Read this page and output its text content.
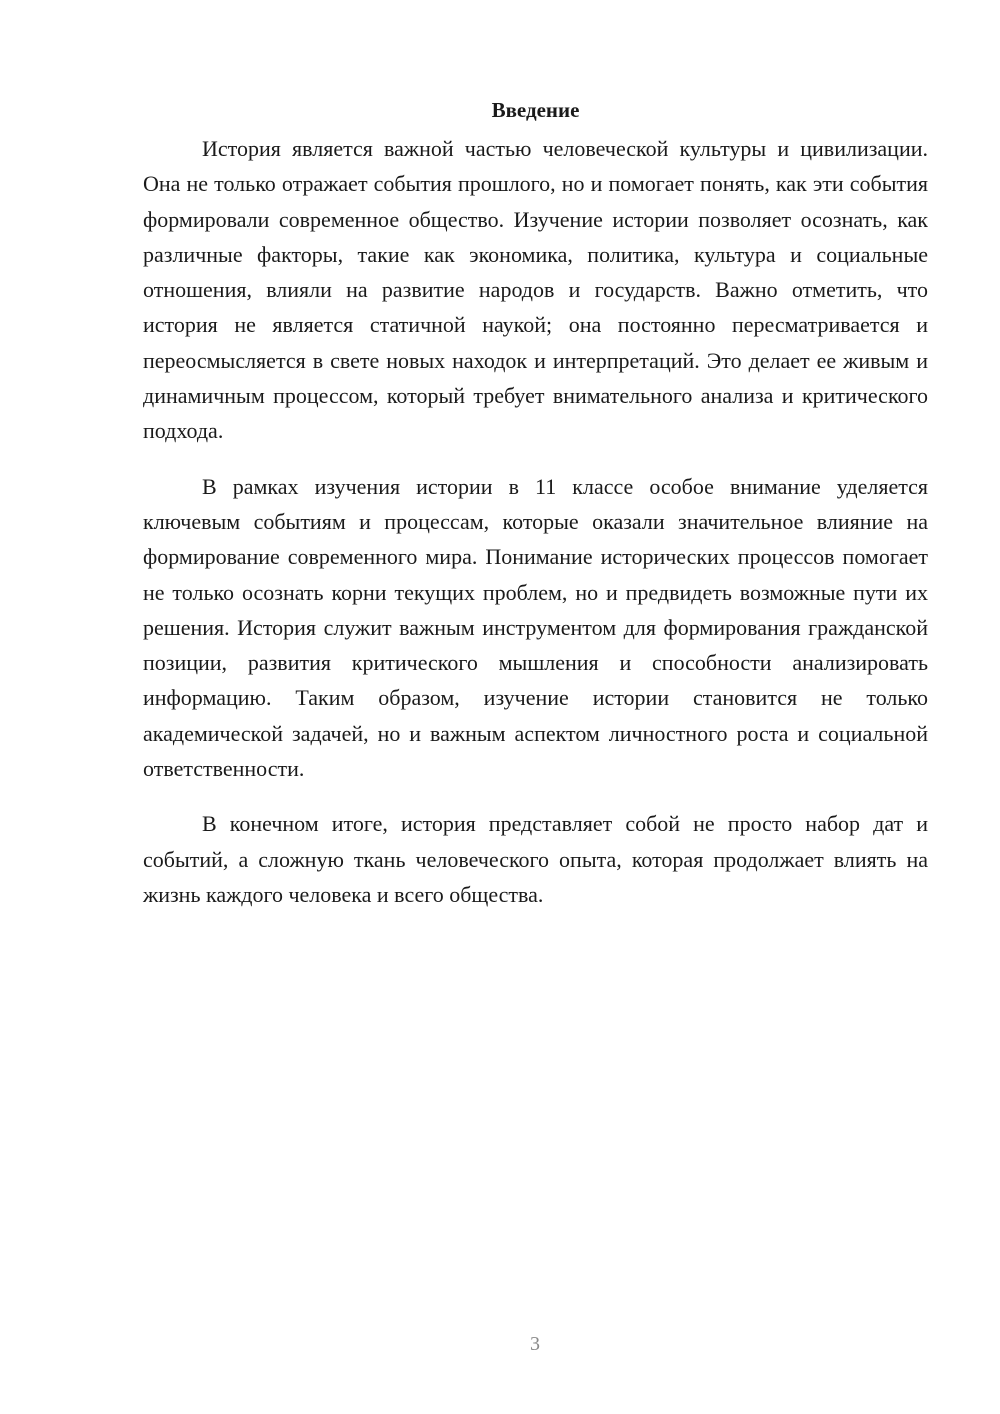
Введение

История является важной частью человеческой культуры и цивилизации. Она не только отражает события прошлого, но и помогает понять, как эти события формировали современное общество. Изучение истории позволяет осознать, как различные факторы, такие как экономика, политика, культура и социальные отношения, влияли на развитие народов и государств. Важно отметить, что история не является статичной наукой; она постоянно пересматривается и переосмысляется в свете новых находок и интерпретаций. Это делает ее живым и динамичным процессом, который требует внимательного анализа и критического подхода.

В рамках изучения истории в 11 классе особое внимание уделяется ключевым событиям и процессам, которые оказали значительное влияние на формирование современного мира. Понимание исторических процессов помогает не только осознать корни текущих проблем, но и предвидеть возможные пути их решения. История служит важным инструментом для формирования гражданской позиции, развития критического мышления и способности анализировать информацию. Таким образом, изучение истории становится не только академической задачей, но и важным аспектом личностного роста и социальной ответственности.

В конечном итоге, история представляет собой не просто набор дат и событий, а сложную ткань человеческого опыта, которая продолжает влиять на жизнь каждого человека и всего общества.

3
